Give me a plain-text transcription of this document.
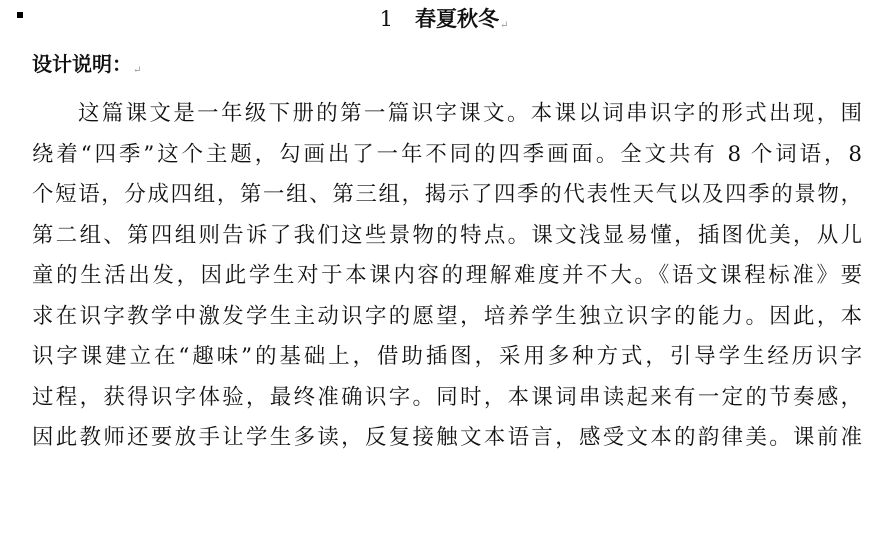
1 春夏秋冬↵
设计说明：↵
这篇课文是一年级下册的第一篇识字课文。本课以词串识字的形式出现，围
绕着“四季”这个主题，勾画出了一年不同的四季画面。全文共有 8 个词语，8
个短语，分成四组，第一组、第三组，揭示了四季的代表性天气以及四季的景物，
第二组、第四组则告诉了我们这些景物的特点。课文浅显易懂，插图优美，从儿
童的生活出发，因此学生对于本课内容的理解难度并不大。《语文课程标准》要
求在识字教学中激发学生主动识字的愿望，培养学生独立识字的能力。因此，本
识字课建立在“趣味”的基础上，借助插图，采用多种方式，引导学生经历识字
过程，获得识字体验，最终准确识字。同时，本课词串读起来有一定的节奏感，
因此教师还要放手让学生多读，反复接触文本语言，感受文本的韵律美。课前准
